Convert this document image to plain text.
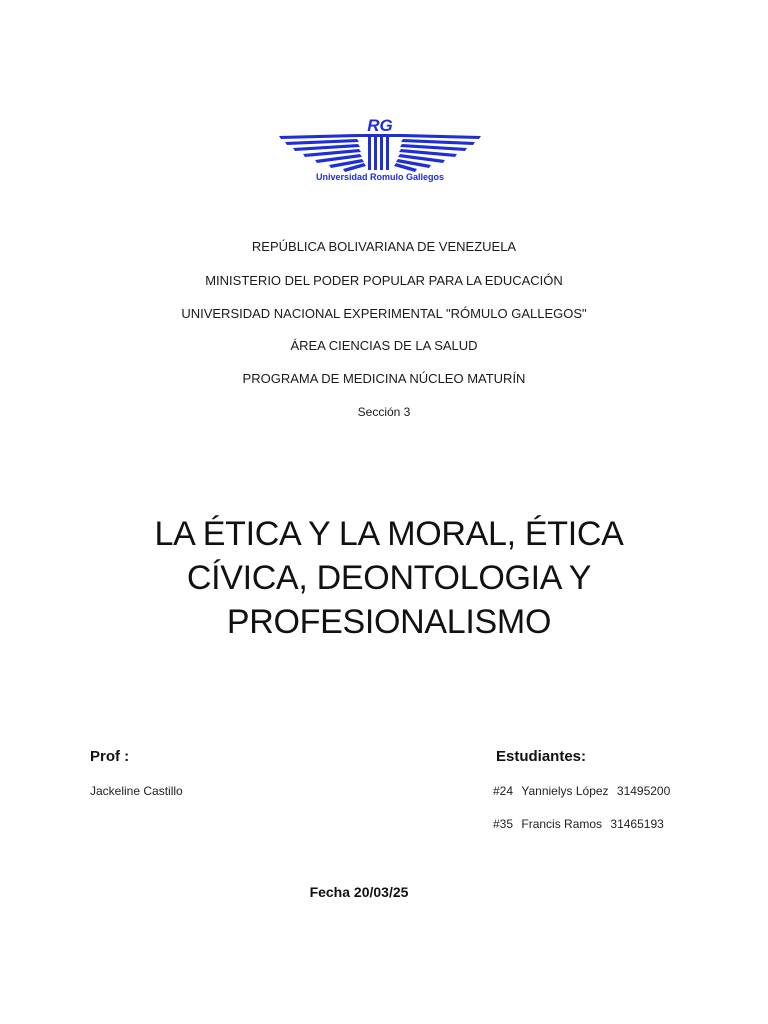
RG
Universidad Romulo Gallegos
REPÚBLICA BOLIVARIANA DE VENEZUELA
MINISTERIO DEL PODER POPULAR PARA LA EDUCACIÓN
UNIVERSIDAD NACIONAL EXPERIMENTAL "RÓMULO GALLEGOS"
ÁREA CIENCIAS DE LA SALUD
PROGRAMA DE MEDICINA NÚCLEO MATURÍN
Sección 3
LA ÉTICA Y LA MORAL, ÉTICA
CÍVICA, DEONTOLOGIA Y
PROFESIONALISMO
Prof :
Jackeline Castillo
Estudiantes:
#24 Yannielys López 31495200
#35 Francis Ramos 31465193
Fecha 20/03/25
